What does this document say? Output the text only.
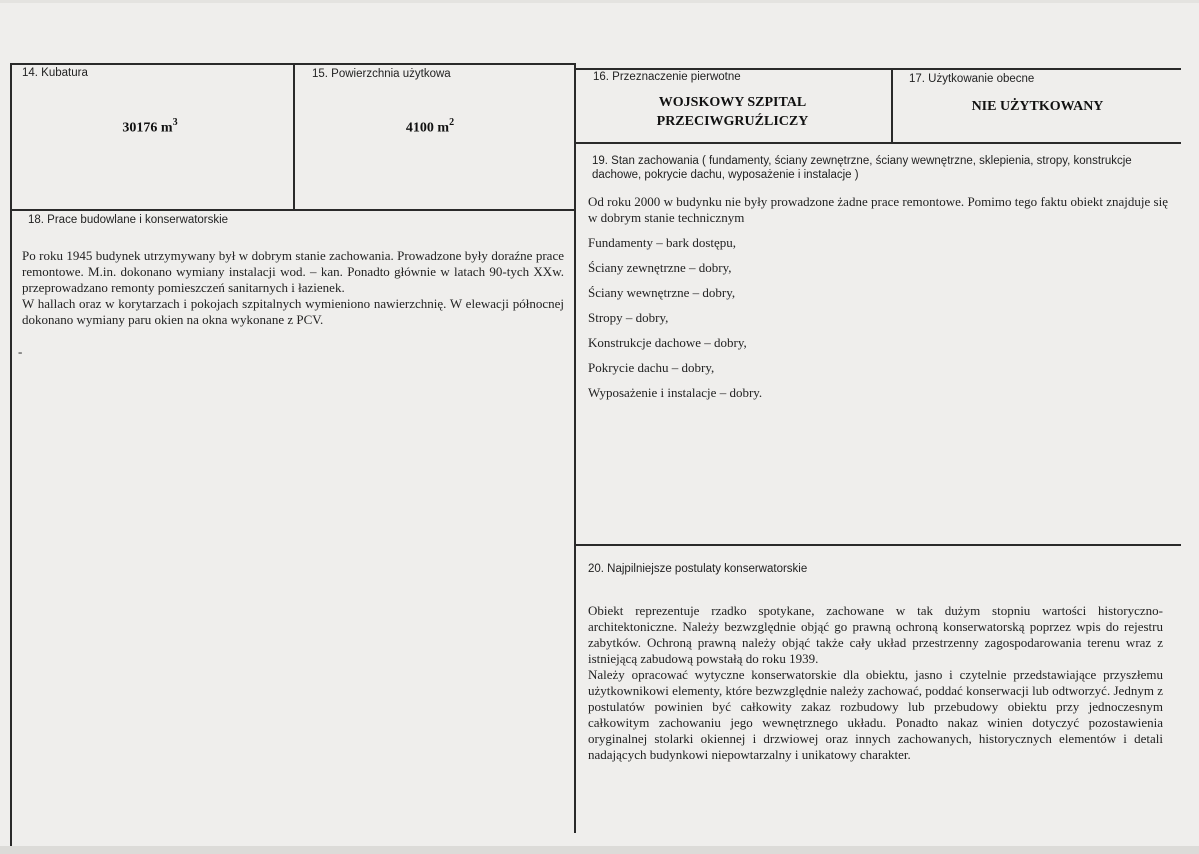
14. Kubatura
30176 $m^3$
15. Powierzchnia użytkowa
4100 $m^2$
16. Przeznaczenie pierwotne
WOJSKOWY SZPITAL
PRZECIWGRUŹLICZY
17. Użytkowanie obecne
NIE UŻYTKOWANY
18. Prace budowlane i konserwatorskie

Po roku 1945 budynek utrzymywany był w dobrym stanie zachowania. Prowadzone były doraźne prace remontowe. M.in. dokonano wymiany instalacji wod. – kan. Ponadto głównie w latach 90-tych XXw. przeprowadzano remonty pomieszczeń sanitarnych i łazienek.

W hallach oraz w korytarzach i pokojach szpitalnych wymieniono nawierzchnię. W elewacji północnej dokonano wymiany paru okien na okna wykonane z PCV.

-
19. Stan zachowania ( fundamenty, ściany zewnętrzne, ściany wewnętrzne, sklepienia, stropy, konstrukcje dachowe, pokrycie dachu, wyposażenie i instalacje )
Od roku 2000 w budynku nie były prowadzone żadne prace remontowe. Pomimo tego faktu obiekt znajduje się w dobrym stanie technicznym
Fundamenty – bark dostępu,
Ściany zewnętrzne – dobry,
Ściany wewnętrzne – dobry,
Stropy – dobry,
Konstrukcje dachowe – dobry,
Pokrycie dachu – dobry,
Wyposażenie i instalacje – dobry.
20. Najpilniejsze postulaty konserwatorskie

Obiekt reprezentuje rzadko spotykane, zachowane w tak dużym stopniu wartości historyczno-architektoniczne. Należy bezwzględnie objąć go prawną ochroną konserwatorską poprzez wpis do rejestru zabytków. Ochroną prawną należy objąć także cały układ przestrzenny zagospodarowania terenu wraz z istniejącą zabudową powstałą do roku 1939.

Należy opracować wytyczne konserwatorskie dla obiektu, jasno i czytelnie przedstawiające przyszłemu użytkownikowi elementy, które bezwzględnie należy zachować, poddać konserwacji lub odtworzyć. Jednym z postulatów powinien być całkowity zakaz rozbudowy lub przebudowy obiektu przy jednoczesnym całkowitym zachowaniu jego wewnętrznego układu. Ponadto nakaz winien dotyczyć pozostawienia oryginalnej stolarki okiennej i drzwiowej oraz innych zachowanych, historycznych elementów i detali nadających budynkowi niepowtarzalny i unikatowy charakter.
